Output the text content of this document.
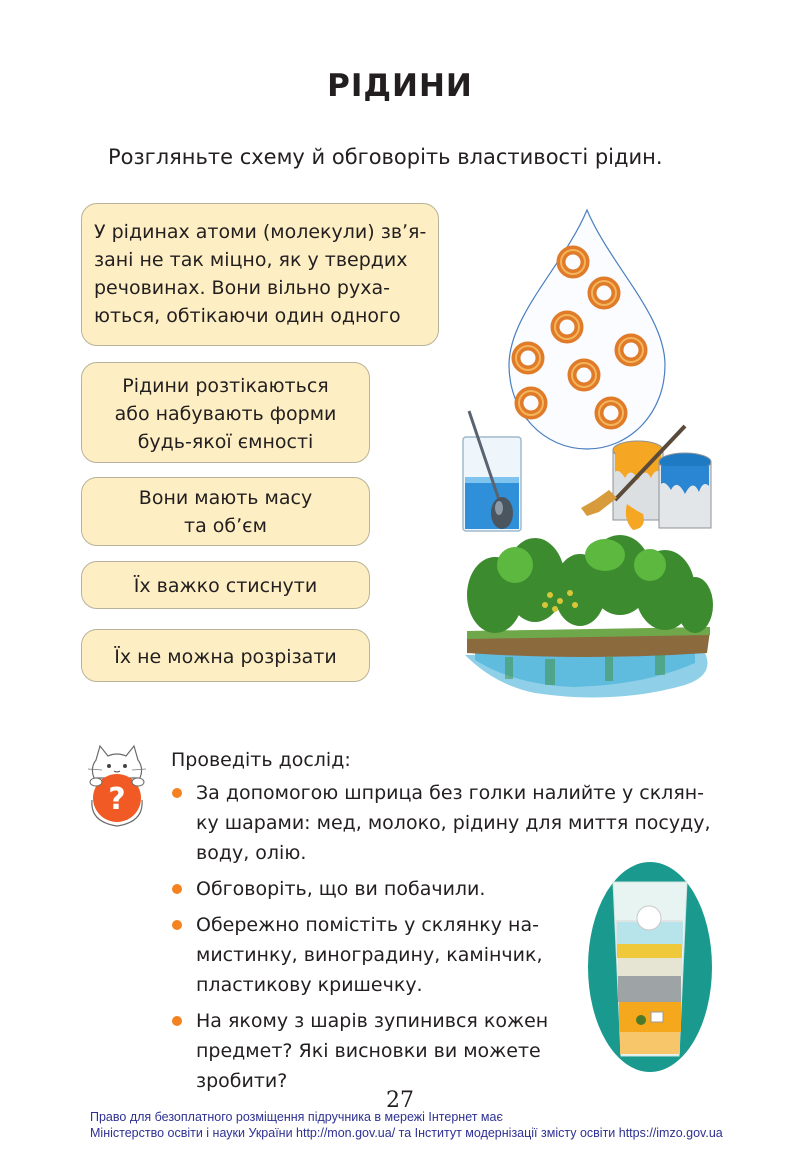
РІДИНИ
Розгляньте схему й обговоріть властивості рідин.
У рідинах атоми (молекули) звʼя-
зані не так міцно, як у твердих
речовинах. Вони вільно руха-
ються, обтікаючи один одного
Рідини розтікаються
або набувають форми
будь-якої ємності
Вони мають масу
та обʼєм
Їх важко стиснути
Їх не можна розрізати
?
Проведіть дослід:
За допомогою шприца без голки налийте у склян-
ку шарами: мед, молоко, рідину для миття посуду,
воду, олію.
Обговоріть, що ви побачили.
Обережно помістіть у склянку на-
мистинку, виноградину, камінчик,
пластикову кришечку.
На якому з шарів зупинився кожен
предмет? Які висновки ви можете
зробити?
27
Право для безоплатного розміщення підручника в мережі Інтернет має
Міністерство освіти і науки України http://mon.gov.ua/ та Інститут модернізації змісту освіти https://imzo.gov.ua
